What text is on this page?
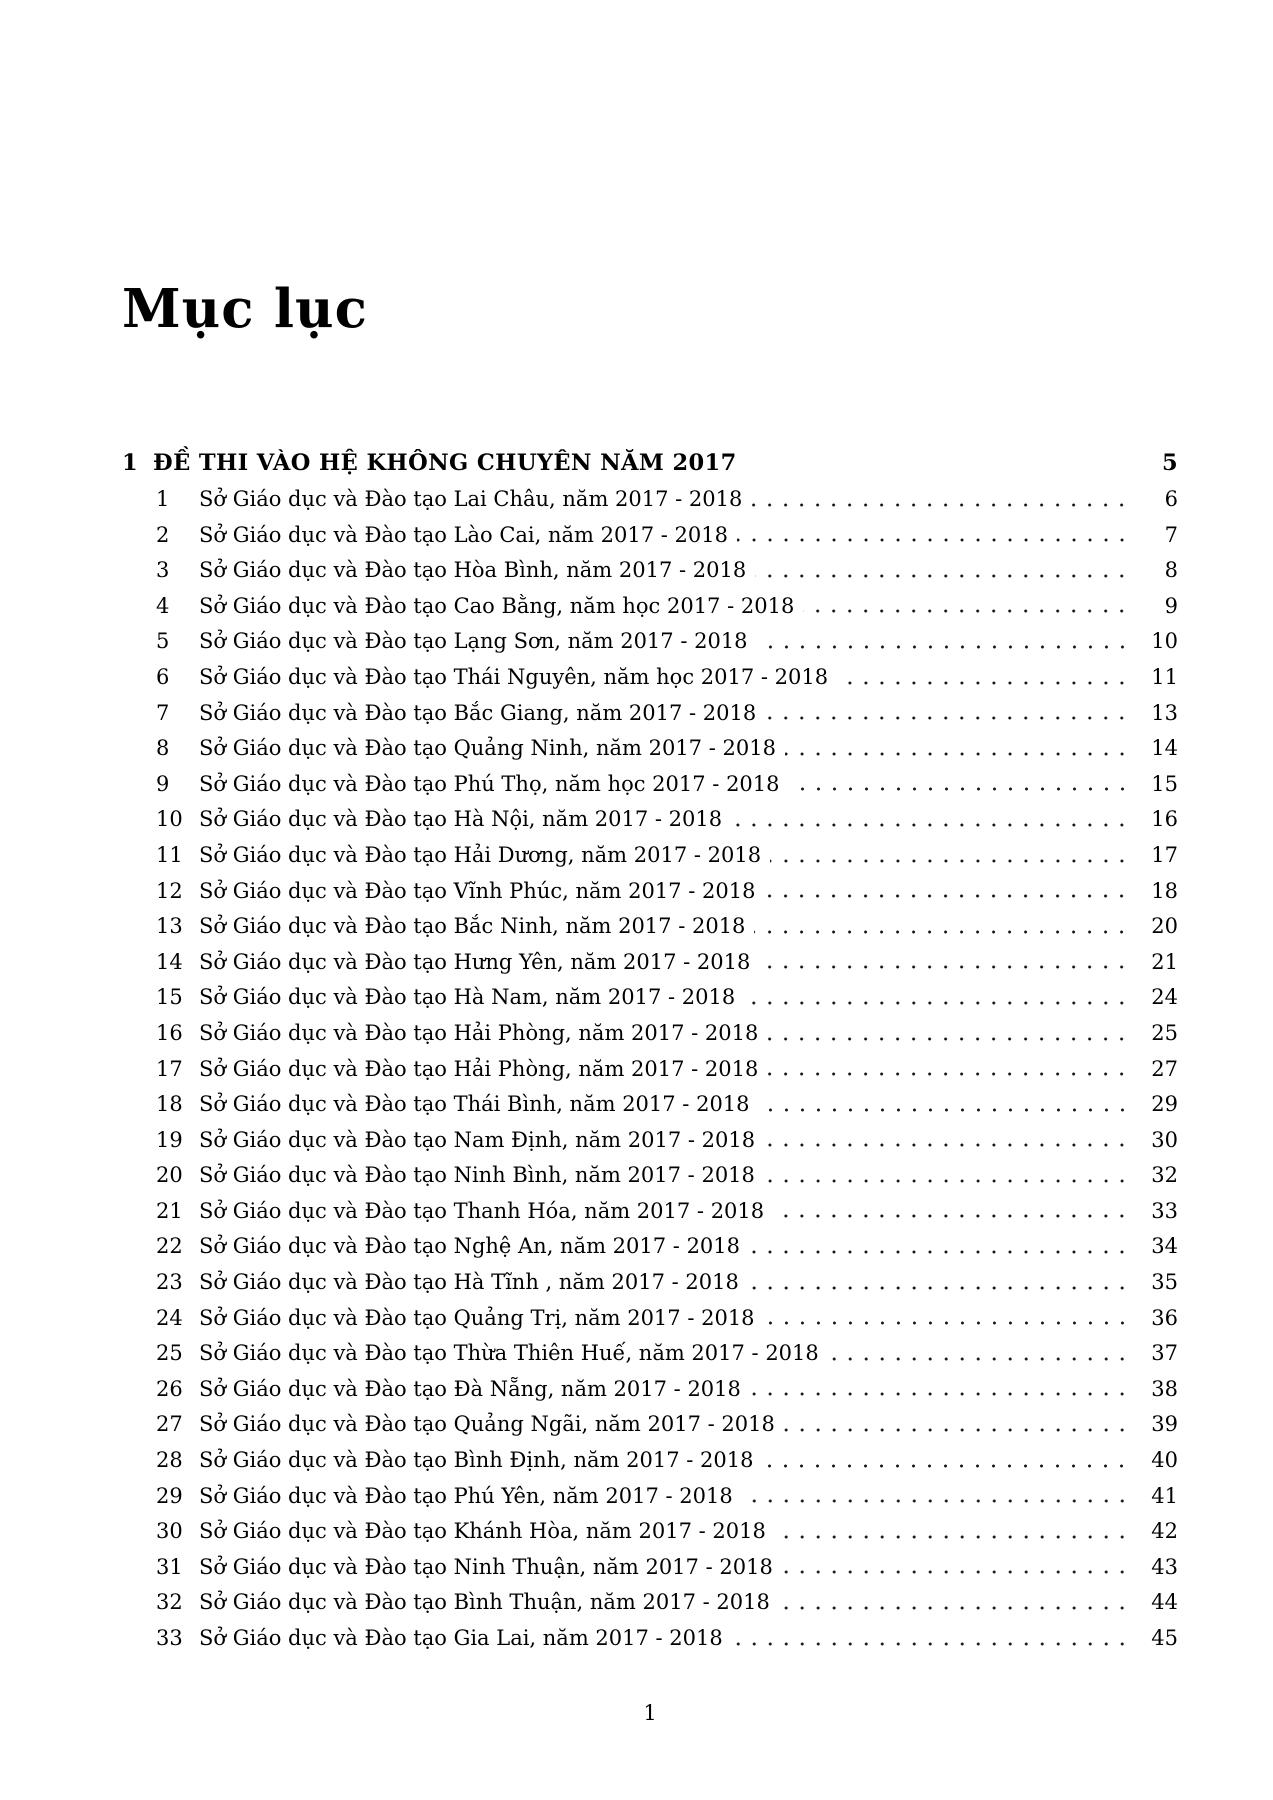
Mục lục
1 ĐỀ THI VÀO HỆ KHÔNG CHUYÊN NĂM 2017	5
1	Sở Giáo dục và Đào tạo Lai Châu, năm 2017 - 2018	6
2	Sở Giáo dục và Đào tạo Lào Cai, năm 2017 - 2018	7
3	Sở Giáo dục và Đào tạo Hòa Bình, năm 2017 - 2018	8
4	Sở Giáo dục và Đào tạo Cao Bằng, năm học 2017 - 2018	9
5	Sở Giáo dục và Đào tạo Lạng Sơn, năm 2017 - 2018	10
6	Sở Giáo dục và Đào tạo Thái Nguyên, năm học 2017 - 2018	11
7	Sở Giáo dục và Đào tạo Bắc Giang, năm 2017 - 2018	13
8	Sở Giáo dục và Đào tạo Quảng Ninh, năm 2017 - 2018	14
9	Sở Giáo dục và Đào tạo Phú Thọ, năm học 2017 - 2018	15
10 Sở Giáo dục và Đào tạo Hà Nội, năm 2017 - 2018	16
11 Sở Giáo dục và Đào tạo Hải Dương, năm 2017 - 2018	17
12 Sở Giáo dục và Đào tạo Vĩnh Phúc, năm 2017 - 2018	18
13 Sở Giáo dục và Đào tạo Bắc Ninh, năm 2017 - 2018	20
14 Sở Giáo dục và Đào tạo Hưng Yên, năm 2017 - 2018	21
15 Sở Giáo dục và Đào tạo Hà Nam, năm 2017 - 2018	24
16 Sở Giáo dục và Đào tạo Hải Phòng, năm 2017 - 2018	25
17 Sở Giáo dục và Đào tạo Hải Phòng, năm 2017 - 2018	27
18 Sở Giáo dục và Đào tạo Thái Bình, năm 2017 - 2018	29
19 Sở Giáo dục và Đào tạo Nam Định, năm 2017 - 2018	30
20 Sở Giáo dục và Đào tạo Ninh Bình, năm 2017 - 2018	32
21 Sở Giáo dục và Đào tạo Thanh Hóa, năm 2017 - 2018	33
22 Sở Giáo dục và Đào tạo Nghệ An, năm 2017 - 2018	34
23 Sở Giáo dục và Đào tạo Hà Tĩnh , năm 2017 - 2018	35
24 Sở Giáo dục và Đào tạo Quảng Trị, năm 2017 - 2018	36
25 Sở Giáo dục và Đào tạo Thừa Thiên Huế, năm 2017 - 2018	37
26 Sở Giáo dục và Đào tạo Đà Nẵng, năm 2017 - 2018	38
27 Sở Giáo dục và Đào tạo Quảng Ngãi, năm 2017 - 2018	39
28 Sở Giáo dục và Đào tạo Bình Định, năm 2017 - 2018	40
29 Sở Giáo dục và Đào tạo Phú Yên, năm 2017 - 2018	41
30 Sở Giáo dục và Đào tạo Khánh Hòa, năm 2017 - 2018	42
31 Sở Giáo dục và Đào tạo Ninh Thuận, năm 2017 - 2018	43
32 Sở Giáo dục và Đào tạo Bình Thuận, năm 2017 - 2018	44
33 Sở Giáo dục và Đào tạo Gia Lai, năm 2017 - 2018	45
1
